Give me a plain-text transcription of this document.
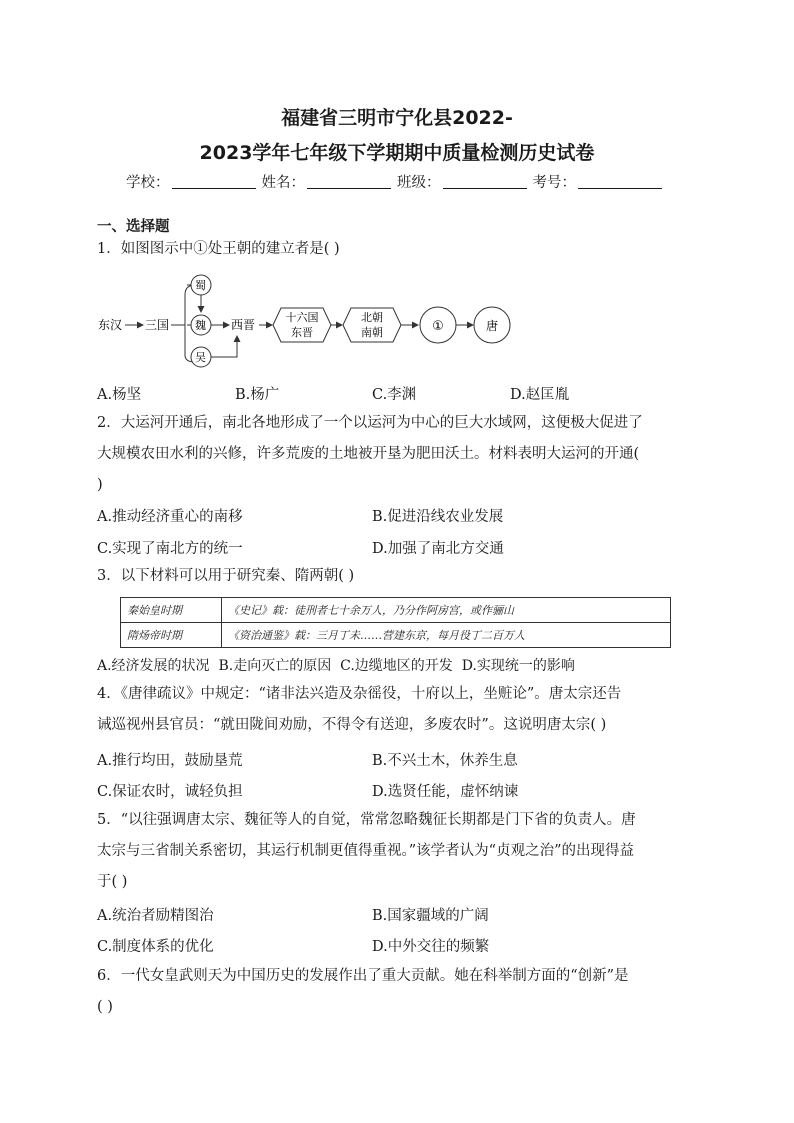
福建省三明市宁化县2022-
2023学年七年级下学期期中质量检测历史试卷
学校：	姓名：	班级：	考号：
一、选择题
1．如图图示中①处王朝的建立者是( )
东汉 三国
蜀
魏
吴
西晋
十六国
东晋
北朝
南朝	①	唐
A.杨坚	B.杨广	C.李渊	D.赵匡胤
2．大运河开通后，南北各地形成了一个以运河为中心的巨大水域网，这便极大促进了
大规模农田水利的兴修，许多荒废的土地被开垦为肥田沃土。材料表明大运河的开通(
)
A.推动经济重心的南移	B.促进沿线农业发展
C.实现了南北方的统一	D.加强了南北方交通
3．以下材料可以用于研究秦、隋两朝( )
秦始皇时期	《史记》载：徒刑者七十余万人，乃分作阿房宫，或作骊山
隋炀帝时期	《资治通鉴》载：三月丁未……营建东京，每月役丁二百万人
A.经济发展的状况 B.走向灭亡的原因 C.边缆地区的开发 D.实现统一的影响
4．《唐律疏议》中规定：“诸非法兴造及杂徭役，十府以上，坐赃论”。唐太宗还告
诫巡视州县官员：“就田陇间劝励，不得令有送迎，多废农时”。这说明唐太宗( )
A.推行均田，鼓励垦荒	B.不兴土木，休养生息
C.保证农时，诚轻负担	D.选贤任能，虚怀纳谏
5．“以往强调唐太宗、魏征等人的自觉，常常忽略魏征长期都是门下省的负责人。唐
太宗与三省制关系密切，其运行机制更值得重视。”该学者认为“贞观之治”的出现得益
于( )
A.统治者励精图治	B.国家疆域的广阔
C.制度体系的优化	D.中外交往的频繁
6．一代女皇武则天为中国历史的发展作出了重大贡献。她在科举制方面的“创新”是
( )
